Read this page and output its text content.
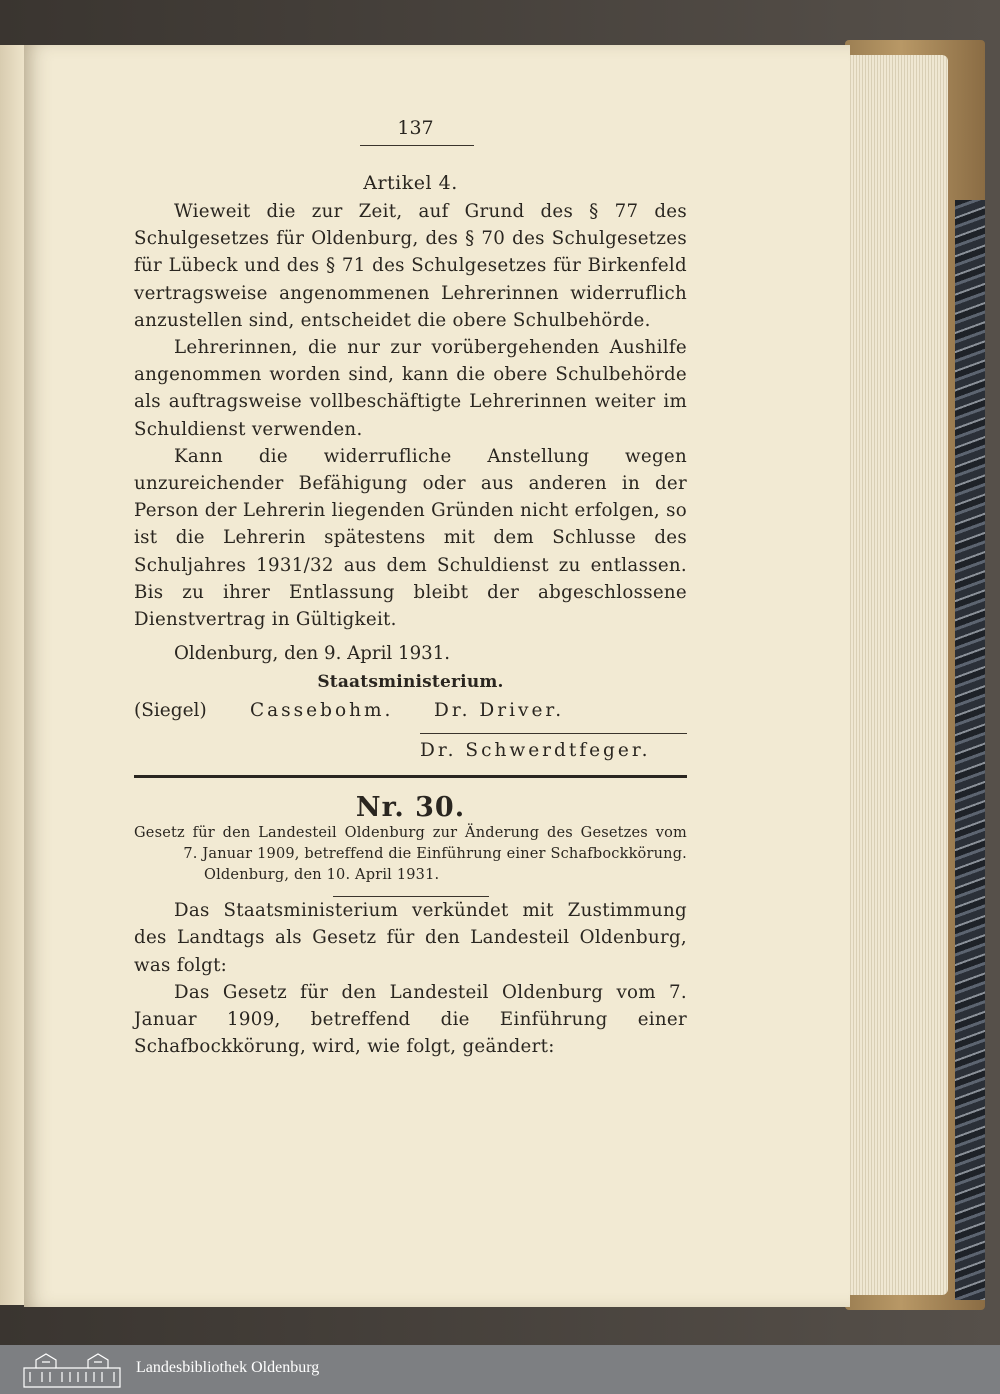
137
Artikel 4.

Wieweit die zur Zeit, auf Grund des § 77 des Schulgesetzes für Oldenburg, des § 70 des Schulgesetzes für Lübeck und des § 71 des Schulgesetzes für Birkenfeld vertragsweise angenommenen Lehrerinnen widerruflich anzustellen sind, entscheidet die obere Schulbehörde.

Lehrerinnen, die nur zur vorübergehenden Aushilfe angenommen worden sind, kann die obere Schulbehörde als auftragsweise vollbeschäftigte Lehrerinnen weiter im Schuldienst verwenden.

Kann die widerrufliche Anstellung wegen unzureichender Befähigung oder aus anderen in der Person der Lehrerin liegenden Gründen nicht erfolgen, so ist die Lehrerin spätestens mit dem Schlusse des Schuljahres 1931/32 aus dem Schuldienst zu entlassen. Bis zu ihrer Entlassung bleibt der abgeschlossene Dienstvertrag in Gültigkeit.

Oldenburg, den 9. April 1931.
Staatsministerium.
(Siegel)	Cassebohm.	Dr. Driver.
Dr. Schwerdtfeger.
Nr. 30.
Gesetz für den Landesteil Oldenburg zur Änderung des Gesetzes vom
7. Januar 1909, betreffend die Einführung einer Schafbockkörung.
Oldenburg, den 10. April 1931.

Das Staatsministerium verkündet mit Zustimmung des Landtags als Gesetz für den Landesteil Oldenburg, was folgt:

Das Gesetz für den Landesteil Oldenburg vom 7. Januar 1909, betreffend die Einführung einer Schafbockkörung, wird, wie folgt, geändert:

Landesbibliothek Oldenburg
